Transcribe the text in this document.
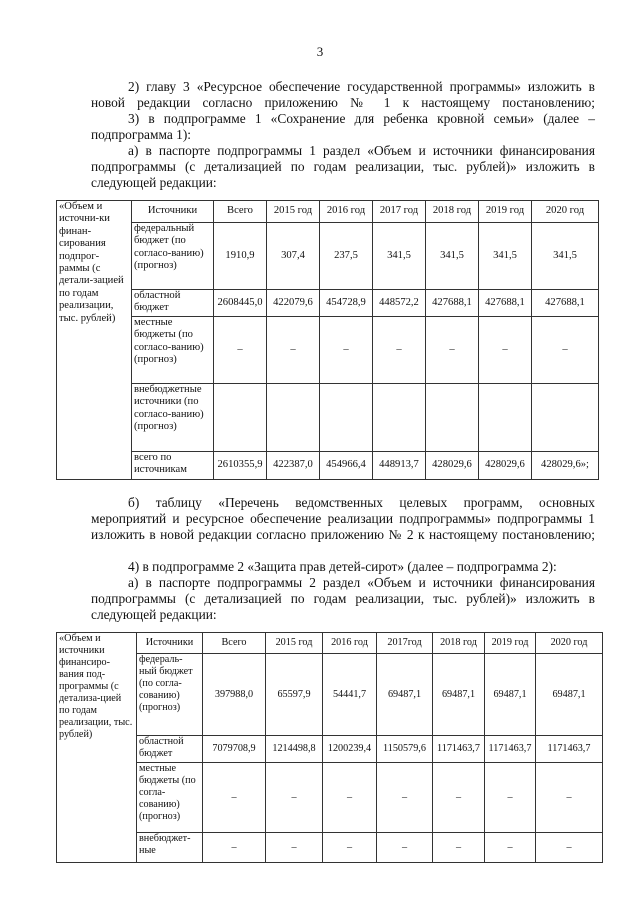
3
2) главу 3 «Ресурсное обеспечение государственной программы» изложить в новой редакции согласно приложению № 1 к настоящему постановлению;
3) в подпрограмме 1 «Сохранение для ребенка кровной семьи» (далее – подпрограмма 1):
а) в паспорте подпрограммы 1 раздел «Объем и источники финансирования подпрограммы (с детализацией по годам реализации, тыс. рублей)» изложить в следующей редакции:
«Объем и источни-ки финан-сирования подпрог-раммы (с детали-зацией по годам реализации, тыс. рублей)	Источники	Всего	2015 год	2016 год	2017 год	2018 год	2019 год	2020 год
	федеральный бюджет (по согласо-ванию) (прогноз)	1910,9	307,4	237,5	341,5	341,5	341,5	341,5
	областной бюджет	2608445,0	422079,6	454728,9	448572,2	427688,1	427688,1	427688,1
	местные бюджеты (по согласо-ванию) (прогноз)	–	–	–	–	–	–	–
	внебюджетные источники (по согласо-ванию) (прогноз)							
	всего по источникам	2610355,9	422387,0	454966,4	448913,7	428029,6	428029,6	428029,6»;
б) таблицу «Перечень ведомственных целевых программ, основных мероприятий и ресурсное обеспечение реализации подпрограммы» подпрограммы 1 изложить в новой редакции согласно приложению № 2 к настоящему постановлению;
4) в подпрограмме 2 «Защита прав детей-сирот» (далее – подпрограмма 2):
а) в паспорте подпрограммы 2 раздел «Объем и источники финансирования подпрограммы (с детализацией по годам реализации, тыс. рублей)» изложить в следующей редакции:
«Объем и источники финансиро-вания под-программы (с детализа-цией по годам реализации, тыс. рублей)	Источники	Всего	2015 год	2016 год	2017год	2018 год	2019 год	2020 год
	федераль-ный бюджет (по согла-сованию) (прогноз)	397988,0	65597,9	54441,7	69487,1	69487,1	69487,1	69487,1
	областной бюджет	7079708,9	1214498,8	1200239,4	1150579,6	1171463,7	1171463,7	1171463,7
	местные бюджеты (по согла-сованию) (прогноз)	–	–	–	–	–	–	–
	внебюджет-ные	–	–	–	–	–	–	–
